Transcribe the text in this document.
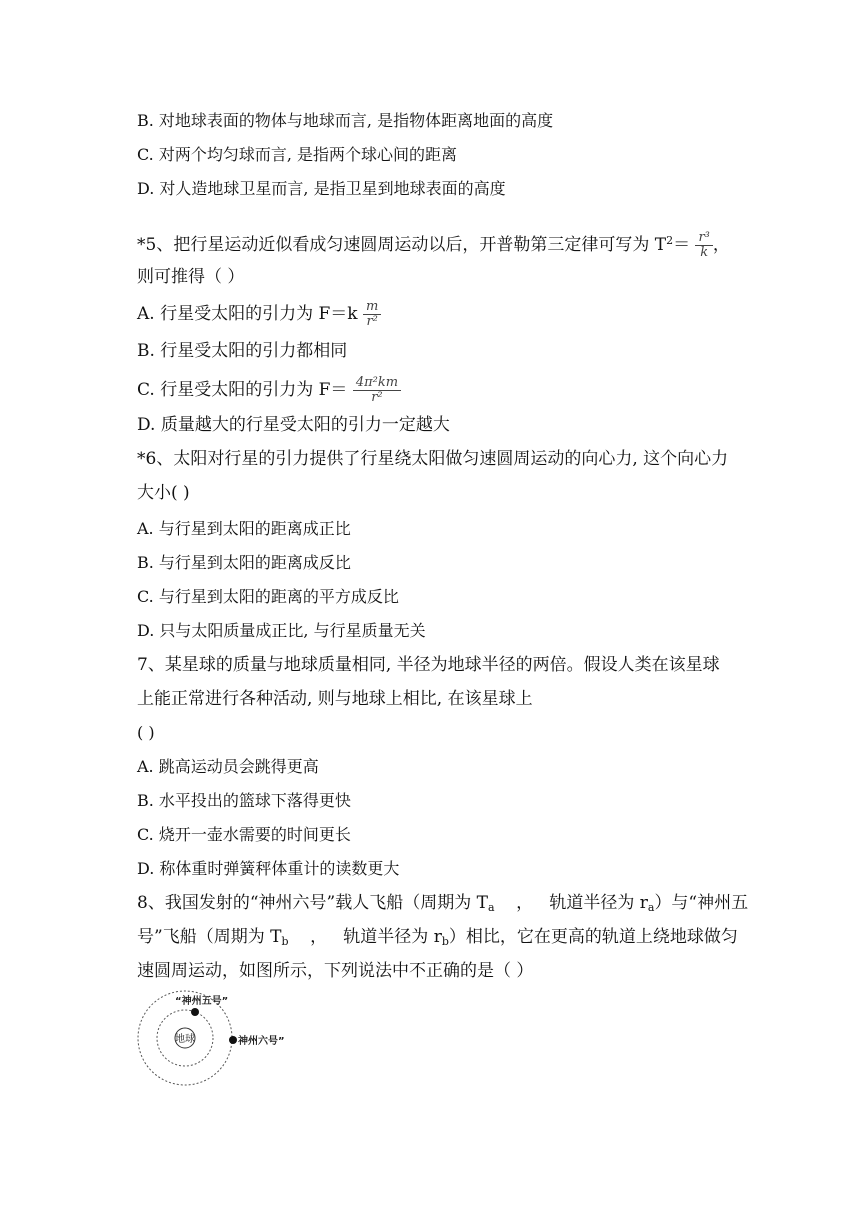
B. 对地球表面的物体与地球而言, 是指物体距离地面的高度
C. 对两个均匀球而言, 是指两个球心间的距离
D. 对人造地球卫星而言, 是指卫星到地球表面的高度
*5、把行星运动近似看成匀速圆周运动以后，开普勒第三定律可写为 $T^2= \frac{\text{r³}}{k}$ ，
则可推得（ ）
A. 行星受太阳的引力为 $F=k \frac{m}{\text{r²}}$
B. 行星受太阳的引力都相同
C. 行星受太阳的引力为 $F= \frac{\text{4π²km}}{\text{r²}}$
D. 质量越大的行星受太阳的引力一定越大
*6、太阳对行星的引力提供了行星绕太阳做匀速圆周运动的向心力, 这个向心力
大小( )
A. 与行星到太阳的距离成正比
B. 与行星到太阳的距离成反比
C. 与行星到太阳的距离的平方成反比
D. 只与太阳质量成正比, 与行星质量无关
7、某星球的质量与地球质量相同, 半径为地球半径的两倍。假设人类在该星球
上能正常进行各种活动, 则与地球上相比, 在该星球上
( )
A. 跳高运动员会跳得更高
B. 水平投出的篮球下落得更快
C. 烧开一壶水需要的时间更长
D. 称体重时弹簧秤体重计的读数更大
8、我国发射的“神州六号”载人飞船（周期为 $T_a$    ，   轨道半径为 $r_a$）与“神州五
号”飞船（周期为 $T_b$    ，   轨道半径为 $r_b$）相比，它在更高的轨道上绕地球做匀
速圆周运动，如图所示，下列说法中不正确的是（ ）
地球
“神州五号”
神州六号”
